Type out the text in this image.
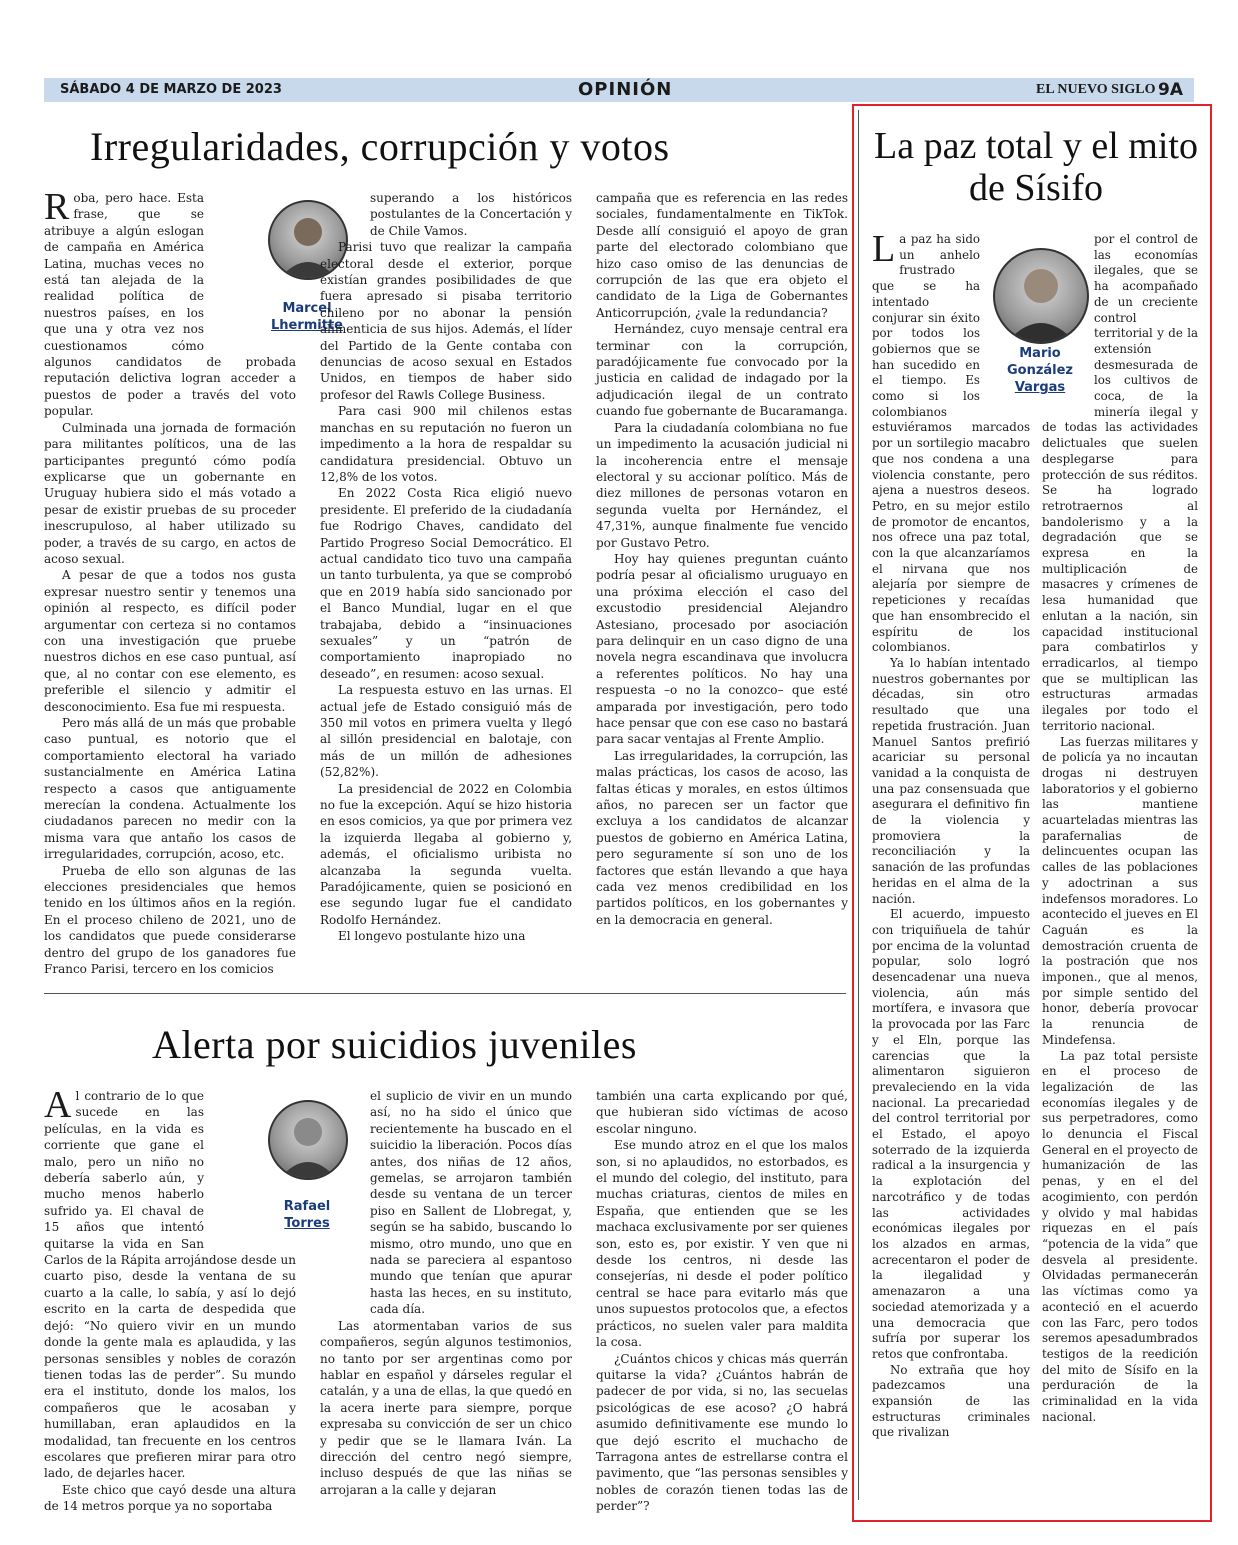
SÁBADO 4 DE MARZO DE 2023	OPINIÓN	EL NUEVO SIGLO 9A
Irregularidades, corrupción y votos
Marcel
Lhermitte
R oba, pero hace. Esta frase, que se atribuye a algún eslogan de campaña en América Latina, muchas veces no está tan alejada de la realidad política de nuestros países, en los que una y otra vez nos cuestionamos cómo algunos candidatos de probada reputación delictiva logran acceder a puestos de poder a través del voto popular.

Culminada una jornada de formación para militantes políticos, una de las participantes preguntó cómo podía explicarse que un gobernante en Uruguay hubiera sido el más votado a pesar de existir pruebas de su proceder inescrupuloso, al haber utilizado su poder, a través de su cargo, en actos de acoso sexual.

A pesar de que a todos nos gusta expresar nuestro sentir y tenemos una opinión al respecto, es difícil poder argumentar con certeza si no contamos con una investigación que pruebe nuestros dichos en ese caso puntual, así que, al no contar con ese elemento, es preferible el silencio y admitir el desconocimiento. Esa fue mi respuesta.

Pero más allá de un más que probable caso puntual, es notorio que el comportamiento electoral ha variado sustancialmente en América Latina respecto a casos que antiguamente merecían la condena. Actualmente los ciudadanos parecen no medir con la misma vara que antaño los casos de irregularidades, corrupción, acoso, etc.

Prueba de ello son algunas de las elecciones presidenciales que hemos tenido en los últimos años en la región. En el proceso chileno de 2021, uno de los candidatos que puede considerarse dentro del grupo de los ganadores fue Franco Parisi, tercero en los comicios

superando a los históricos postulantes de la Concertación y de Chile Vamos.

Parisi tuvo que realizar la campaña electoral desde el exterior, porque existían grandes posibilidades de que fuera apresado si pisaba territorio chileno por no abonar la pensión alimenticia de sus hijos. Además, el líder del Partido de la Gente contaba con denuncias de acoso sexual en Estados Unidos, en tiempos de haber sido profesor del Rawls College Business.

Para casi 900 mil chilenos estas manchas en su reputación no fueron un impedimento a la hora de respaldar su candidatura presidencial. Obtuvo un 12,8% de los votos.

En 2022 Costa Rica eligió nuevo presidente. El preferido de la ciudadanía fue Rodrigo Chaves, candidato del Partido Progreso Social Democrático. El actual candidato tico tuvo una campaña un tanto turbulenta, ya que se comprobó que en 2019 había sido sancionado por el Banco Mundial, lugar en el que trabajaba, debido a “insinuaciones sexuales” y un “patrón de comportamiento inapropiado no deseado”, en resumen: acoso sexual.

La respuesta estuvo en las urnas. El actual jefe de Estado consiguió más de 350 mil votos en primera vuelta y llegó al sillón presidencial en balotaje, con más de un millón de adhesiones (52,82%).

La presidencial de 2022 en Colombia no fue la excepción. Aquí se hizo historia en esos comicios, ya que por primera vez la izquierda llegaba al gobierno y, además, el oficialismo uribista no alcanzaba la segunda vuelta. Paradójicamente, quien se posicionó en ese segundo lugar fue el candidato Rodolfo Hernández.

El longevo postulante hizo una

campaña que es referencia en las redes sociales, fundamentalmente en TikTok. Desde allí consiguió el apoyo de gran parte del electorado colombiano que hizo caso omiso de las denuncias de corrupción de las que era objeto el candidato de la Liga de Gobernantes Anticorrupción, ¿vale la redundancia?

Hernández, cuyo mensaje central era terminar con la corrupción, paradójicamente fue convocado por la justicia en calidad de indagado por la adjudicación ilegal de un contrato cuando fue gobernante de Bucaramanga.

Para la ciudadanía colombiana no fue un impedimento la acusación judicial ni la incoherencia entre el mensaje electoral y su accionar político. Más de diez millones de personas votaron en segunda vuelta por Hernández, el 47,31%, aunque finalmente fue vencido por Gustavo Petro.

Hoy hay quienes preguntan cuánto podría pesar al oficialismo uruguayo en una próxima elección el caso del excustodio presidencial Alejandro Astesiano, procesado por asociación para delinquir en un caso digno de una novela negra escandinava que involucra a referentes políticos. No hay una respuesta –o no la conozco– que esté amparada por investigación, pero todo hace pensar que con ese caso no bastará para sacar ventajas al Frente Amplio.

Las irregularidades, la corrupción, las malas prácticas, los casos de acoso, las faltas éticas y morales, en estos últimos años, no parecen ser un factor que excluya a los candidatos de alcanzar puestos de gobierno en América Latina, pero seguramente sí son uno de los factores que están llevando a que haya cada vez menos credibilidad en los partidos políticos, en los gobernantes y en la democracia en general.

Alerta por suicidios juveniles
Rafael
Torres
A l contrario de lo que sucede en las películas, en la vida es corriente que gane el malo, pero un niño no debería saberlo aún, y mucho menos haberlo sufrido ya. El chaval de 15 años que intentó quitarse la vida en San Carlos de la Rápita arrojándose desde un cuarto piso, desde la ventana de su cuarto a la calle, lo sabía, y así lo dejó escrito en la carta de despedida que dejó: “No quiero vivir en un mundo donde la gente mala es aplaudida, y las personas sensibles y nobles de corazón tienen todas las de perder”. Su mundo era el instituto, donde los malos, los compañeros que le acosaban y humillaban, eran aplaudidos en la modalidad, tan frecuente en los centros escolares que prefieren mirar para otro lado, de dejarles hacer.

Este chico que cayó desde una altura de 14 metros porque ya no soportaba

el suplicio de vivir en un mundo así, no ha sido el único que recientemente ha buscado en el suicidio la liberación. Pocos días antes, dos niñas de 12 años, gemelas, se arrojaron también desde su ventana de un tercer piso en Sallent de Llobregat, y, según se ha sabido, buscando lo mismo, otro mundo, uno que en nada se pareciera al espantoso mundo que tenían que apurar hasta las heces, en su instituto, cada día.

Las atormentaban varios de sus compañeros, según algunos testimonios, no tanto por ser argentinas como por hablar en español y dárseles regular el catalán, y a una de ellas, la que quedó en la acera inerte para siempre, porque expresaba su convicción de ser un chico y pedir que se le llamara Iván. La dirección del centro negó siempre, incluso después de que las niñas se arrojaran a la calle y dejaran

también una carta explicando por qué, que hubieran sido víctimas de acoso escolar ninguno.

Ese mundo atroz en el que los malos son, si no aplaudidos, no estorbados, es el mundo del colegio, del instituto, para muchas criaturas, cientos de miles en España, que entienden que se les machaca exclusivamente por ser quienes son, esto es, por existir. Y ven que ni desde los centros, ni desde las consejerías, ni desde el poder político central se hace para evitarlo más que unos supuestos protocolos que, a efectos prácticos, no suelen valer para maldita la cosa.

¿Cuántos chicos y chicas más querrán quitarse la vida? ¿Cuántos habrán de padecer de por vida, si no, las secuelas psicológicas de ese acoso? ¿O habrá asumido definitivamente ese mundo lo que dejó escrito el muchacho de Tarragona antes de estrellarse contra el pavimento, que “las personas sensibles y nobles de corazón tienen todas las de perder”?

La paz total y el mito de Sísifo
Mario
González
Vargas
L a paz ha sido un anhelo frustrado que se ha intentado conjurar sin éxito por todos los gobiernos que se han sucedido en el tiempo. Es como si los colombianos estuviéramos marcados por un sortilegio macabro que nos condena a una violencia constante, pero ajena a nuestros deseos. Petro, en su mejor estilo de promotor de encantos, nos ofrece una paz total, con la que alcanzaríamos el nirvana que nos alejaría por siempre de repeticiones y recaídas que han ensombrecido el espíritu de los colombianos.

Ya lo habían intentado nuestros gobernantes por décadas, sin otro resultado que una repetida frustración. Juan Manuel Santos prefirió acariciar su personal vanidad a la conquista de una paz consensuada que asegurara el definitivo fin de la violencia y promoviera la reconciliación y la sanación de las profundas heridas en el alma de la nación.

El acuerdo, impuesto con triquiñuela de tahúr por encima de la voluntad popular, solo logró desencadenar una nueva violencia, aún más mortífera, e invasora que la provocada por las Farc y el Eln, porque las carencias que la alimentaron siguieron prevaleciendo en la vida nacional. La precariedad del control territorial por el Estado, el apoyo soterrado de la izquierda radical a la insurgencia y la explotación del narcotráfico y de todas las actividades económicas ilegales por los alzados en armas, acrecentaron el poder de la ilegalidad y amenazaron a una sociedad atemorizada y a una democracia que sufría por superar los retos que confrontaba.

No extraña que hoy padezcamos una expansión de las estructuras criminales que rivalizan

por el control de las economías ilegales, que se ha acompañado de un creciente control territorial y de la extensión desmesurada de los cultivos de coca, de la minería ilegal y de todas las actividades delictuales que suelen desplegarse para protección de sus réditos. Se ha logrado retrotraernos al bandolerismo y a la degradación que se expresa en la multiplicación de masacres y crímenes de lesa humanidad que enlutan a la nación, sin capacidad institucional para combatirlos y erradicarlos, al tiempo que se multiplican las estructuras armadas ilegales por todo el territorio nacional.

Las fuerzas militares y de policía ya no incautan drogas ni destruyen laboratorios y el gobierno las mantiene acuarteladas mientras las parafernalias de delincuentes ocupan las calles de las poblaciones y adoctrinan a sus indefensos moradores. Lo acontecido el jueves en El Caguán es la demostración cruenta de la postración que nos imponen., que al menos, por simple sentido del honor, debería provocar la renuncia de Mindefensa.

La paz total persiste en el proceso de legalización de las economías ilegales y de sus perpetradores, como lo denuncia el Fiscal General en el proyecto de humanización de las penas, y en el del acogimiento, con perdón y olvido y mal habidas riquezas en el país “potencia de la vida” que desvela al presidente. Olvidadas permanecerán las víctimas como ya aconteció en el acuerdo con las Farc, pero todos seremos apesadumbrados testigos de la reedición del mito de Sísifo en la perduración de la criminalidad en la vida nacional.
